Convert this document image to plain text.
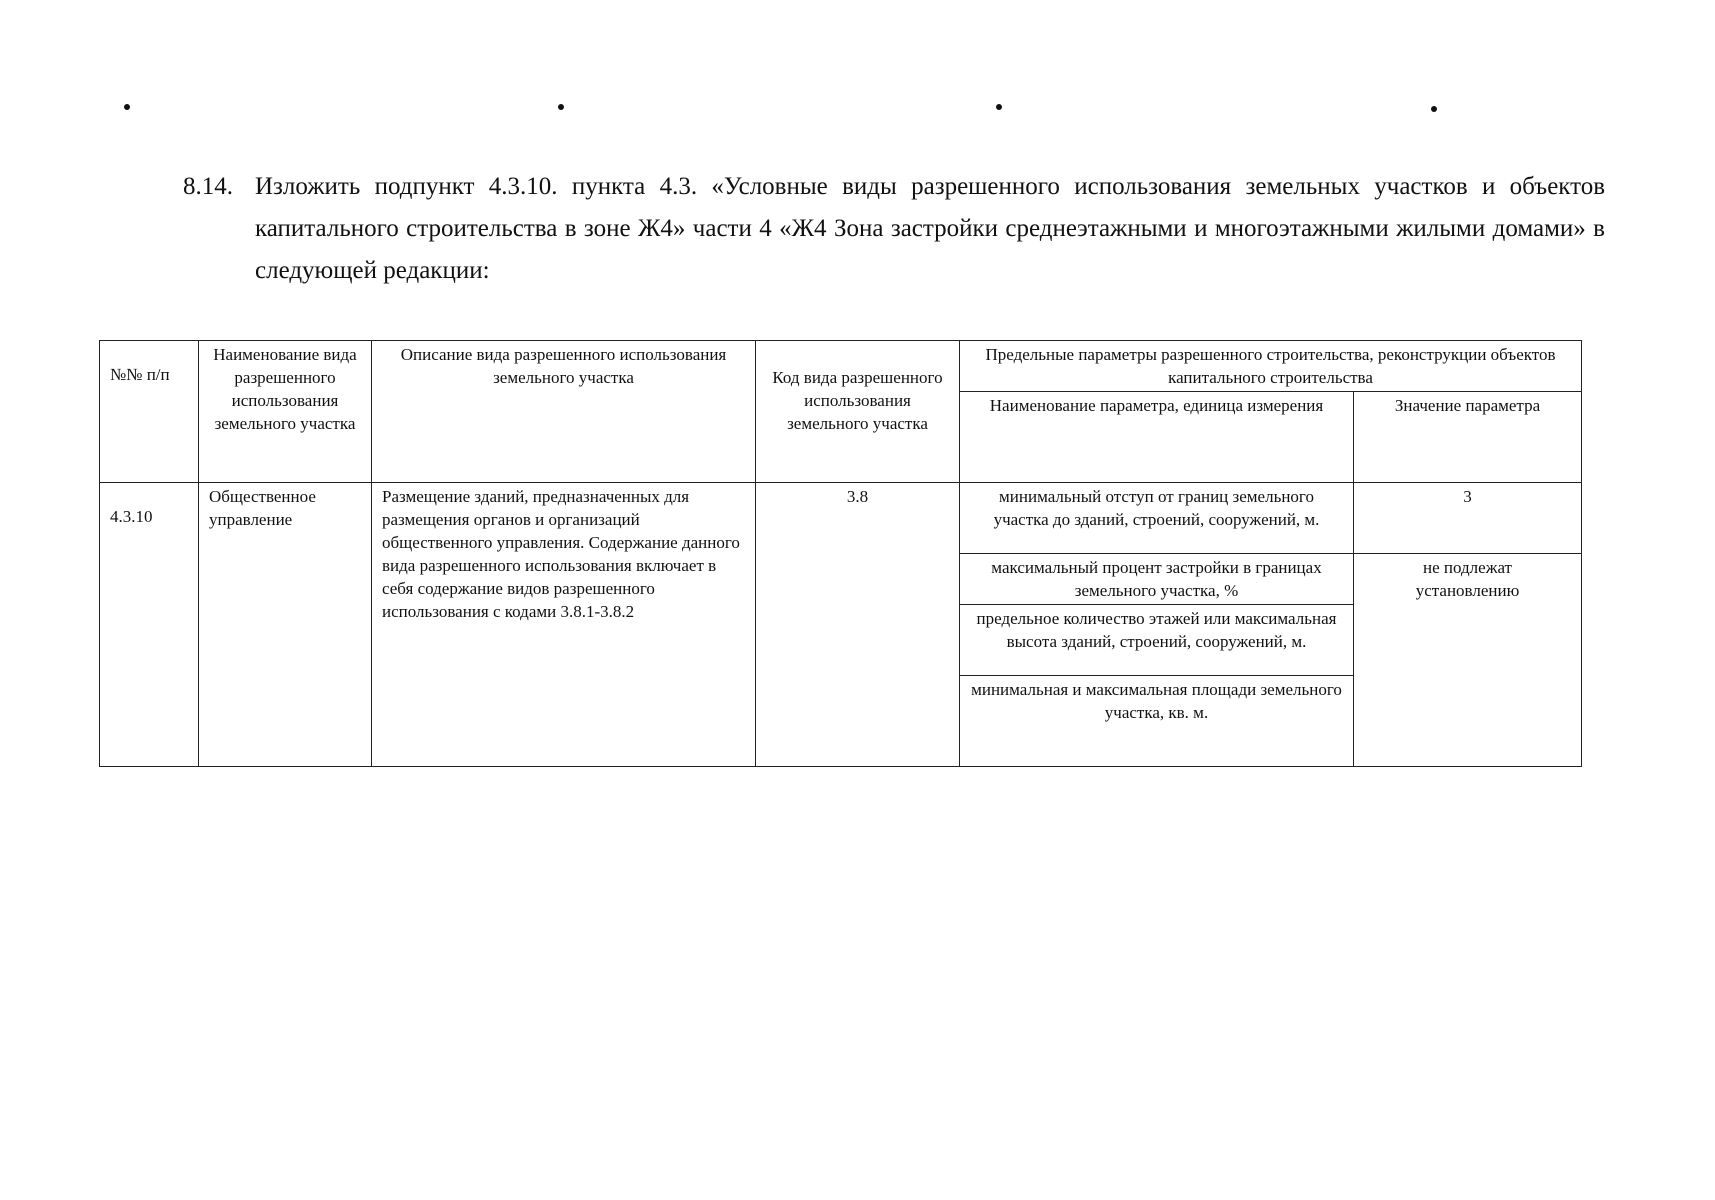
8.14. Изложить подпункт 4.3.10. пункта 4.3. «Условные виды разрешенного использования земельных участков и объектов капитального строительства в зоне Ж4» части 4 «Ж4 Зона застройки среднеэтажными и многоэтажными жилыми домами» в следующей редакции:
№№ п/п	Наименование вида разрешенного использования земельного участка	Описание вида разрешенного использования земельного участка	Код вида разрешенного использования земельного участка	Предельные параметры разрешенного строительства, реконструкции объектов капитального строительства	
				Наименование параметра, единица измерения	Значение параметра
4.3.10	Общественное управление	Размещение зданий, предназначенных для размещения органов и организаций общественного управления. Содержание данного вида разрешенного использования включает в себя содержание видов разрешенного использования с кодами 3.8.1-3.8.2	3.8	минимальный отступ от границ земельного участка до зданий, строений, сооружений, м.	3
				максимальный процент застройки в границах земельного участка, %	не подлежат установлению
				предельное количество этажей или максимальная высота зданий, строений, сооружений, м.	
				минимальная и максимальная площади земельного участка, кв. м.	
